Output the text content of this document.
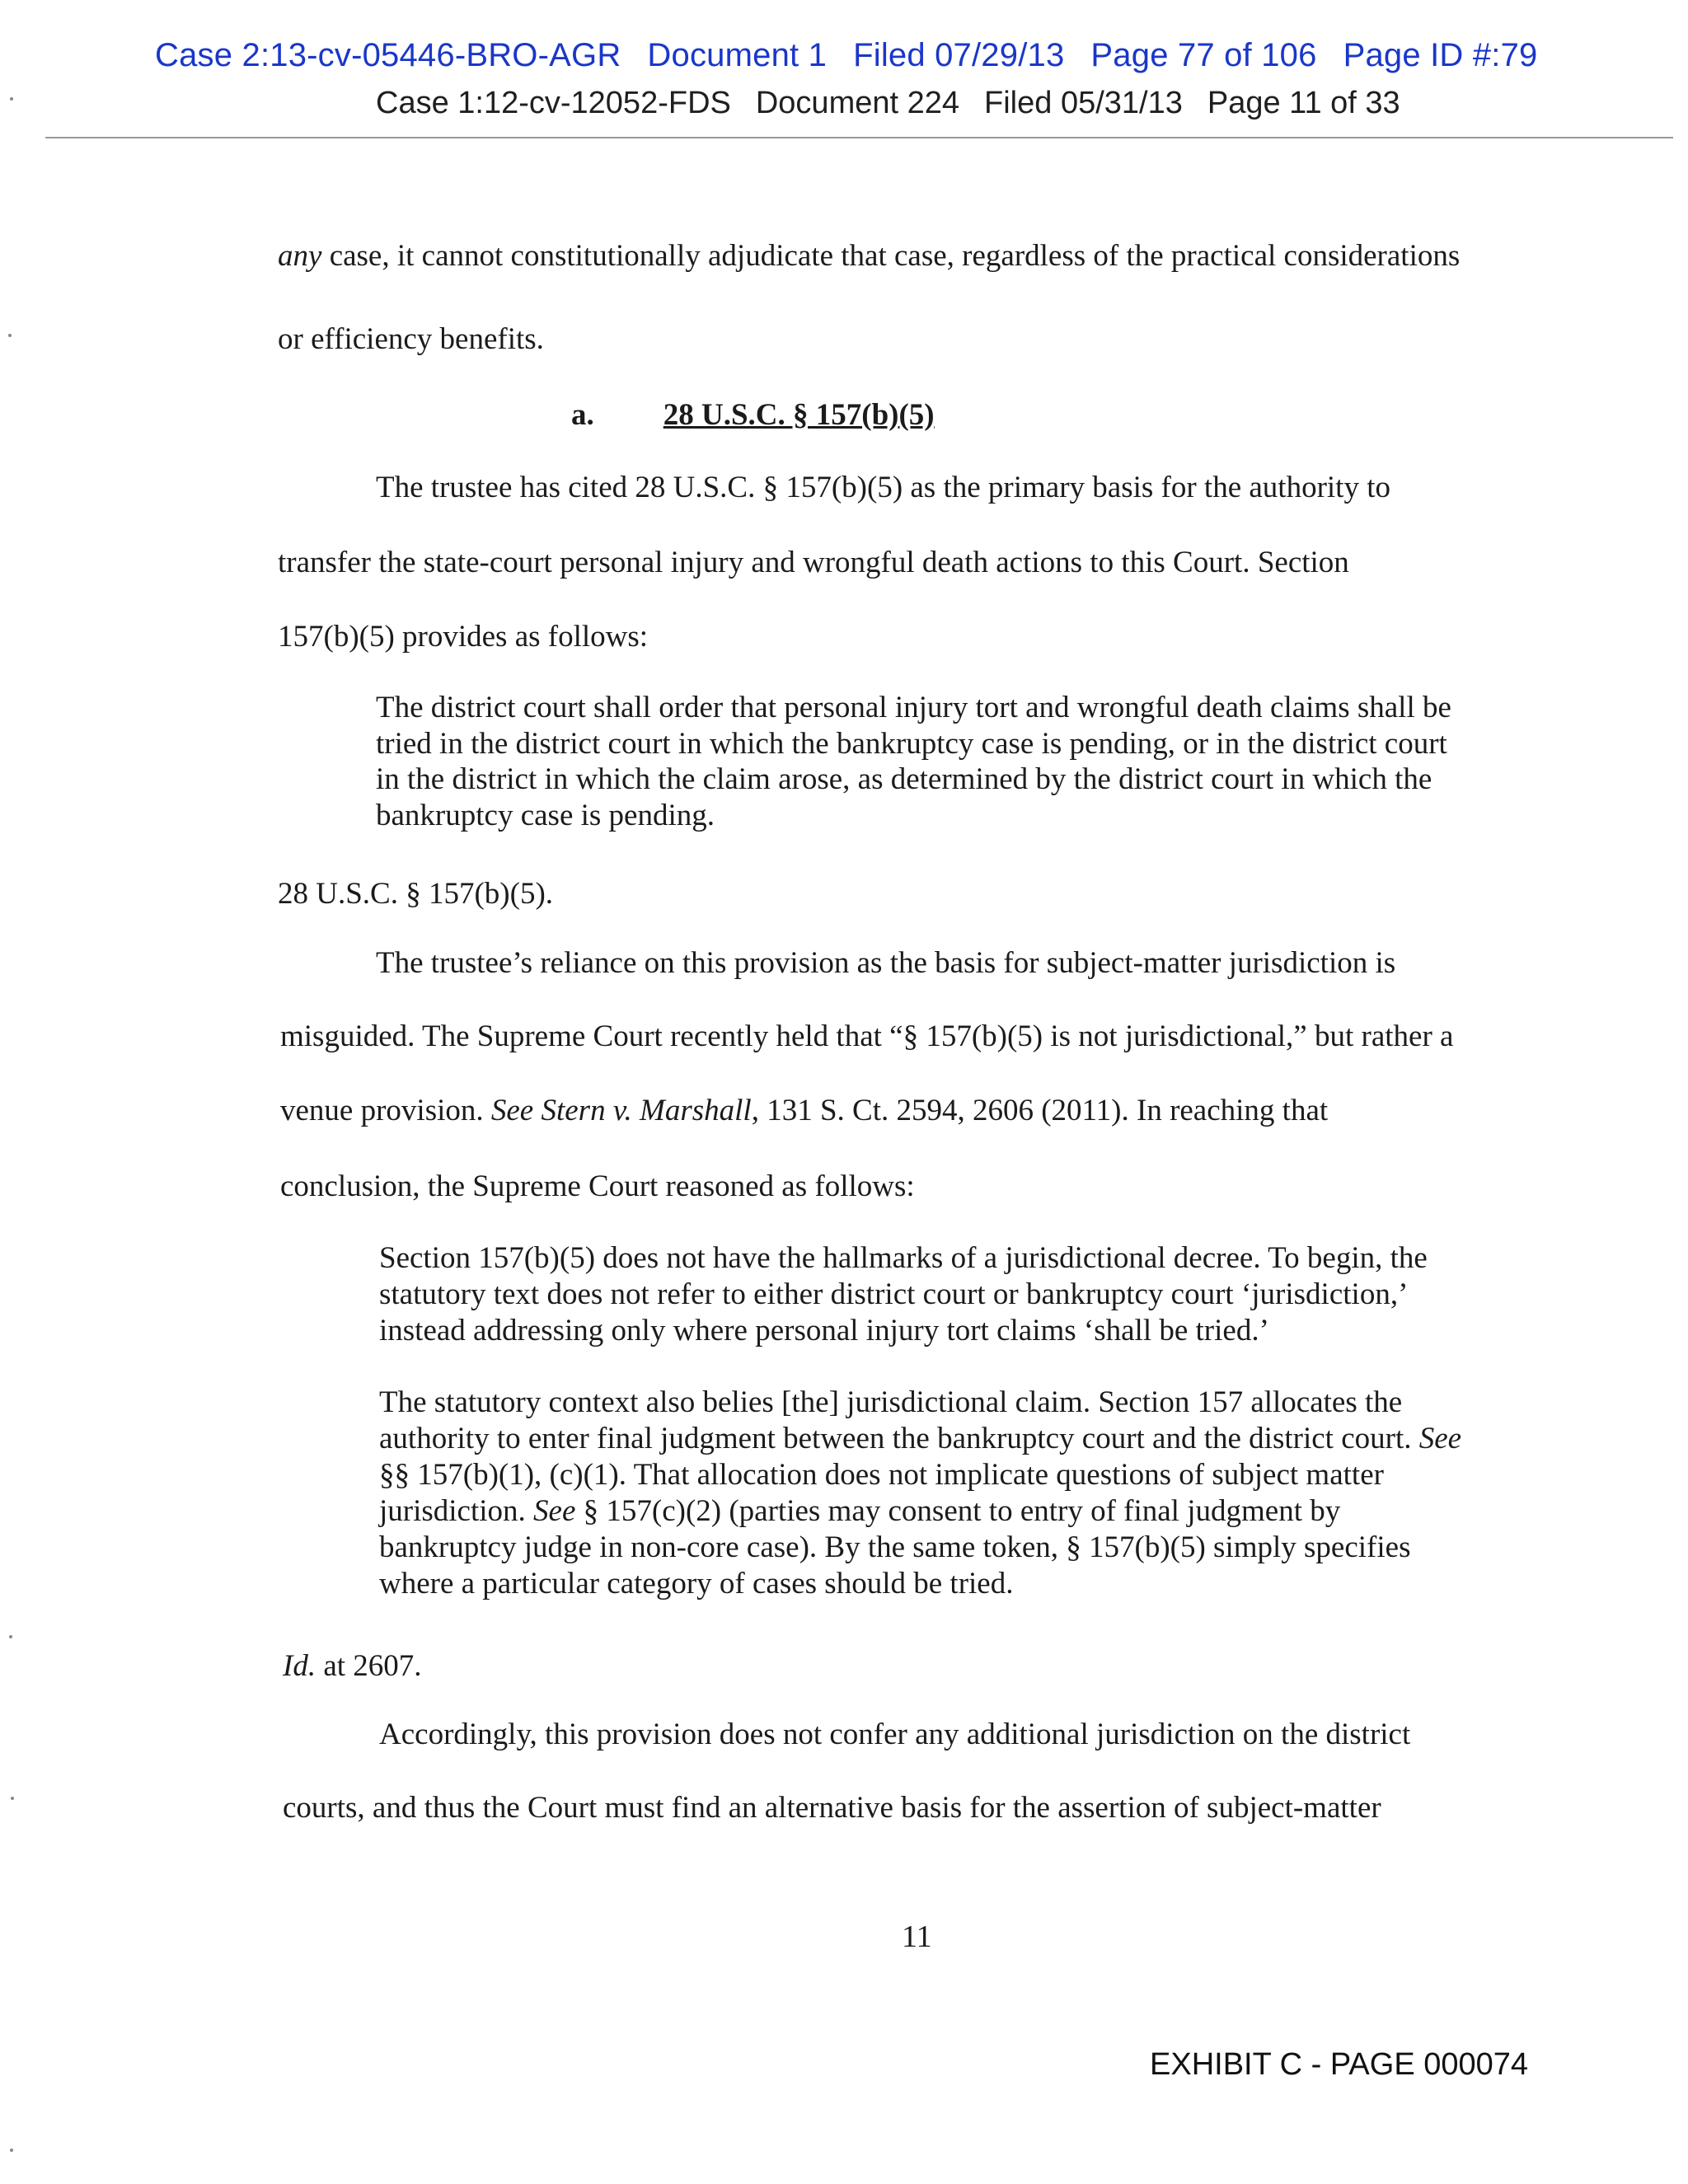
Case 2:13-cv-05446-BRO-AGR Document 1 Filed 07/29/13 Page 77 of 106 Page ID #:79
Case 1:12-cv-12052-FDS Document 224 Filed 05/31/13 Page 11 of 33
any case, it cannot constitutionally adjudicate that case, regardless of the practical considerations
or efficiency benefits.
a. 28 U.S.C. § 157(b)(5)
The trustee has cited 28 U.S.C. § 157(b)(5) as the primary basis for the authority to
transfer the state-court personal injury and wrongful death actions to this Court. Section
157(b)(5) provides as follows:
The district court shall order that personal injury tort and wrongful death claims shall be
tried in the district court in which the bankruptcy case is pending, or in the district court
in the district in which the claim arose, as determined by the district court in which the
bankruptcy case is pending.
28 U.S.C. § 157(b)(5).
The trustee’s reliance on this provision as the basis for subject-matter jurisdiction is
misguided. The Supreme Court recently held that “§ 157(b)(5) is not jurisdictional,” but rather a
venue provision. See Stern v. Marshall, 131 S. Ct. 2594, 2606 (2011). In reaching that
conclusion, the Supreme Court reasoned as follows:
Section 157(b)(5) does not have the hallmarks of a jurisdictional decree. To begin, the
statutory text does not refer to either district court or bankruptcy court ‘jurisdiction,’
instead addressing only where personal injury tort claims ‘shall be tried.’
The statutory context also belies [the] jurisdictional claim. Section 157 allocates the
authority to enter final judgment between the bankruptcy court and the district court. See
§§ 157(b)(1), (c)(1). That allocation does not implicate questions of subject matter
jurisdiction. See § 157(c)(2) (parties may consent to entry of final judgment by
bankruptcy judge in non-core case). By the same token, § 157(b)(5) simply specifies
where a particular category of cases should be tried.
Id. at 2607.
Accordingly, this provision does not confer any additional jurisdiction on the district
courts, and thus the Court must find an alternative basis for the assertion of subject-matter
11
EXHIBIT C - PAGE 000074
